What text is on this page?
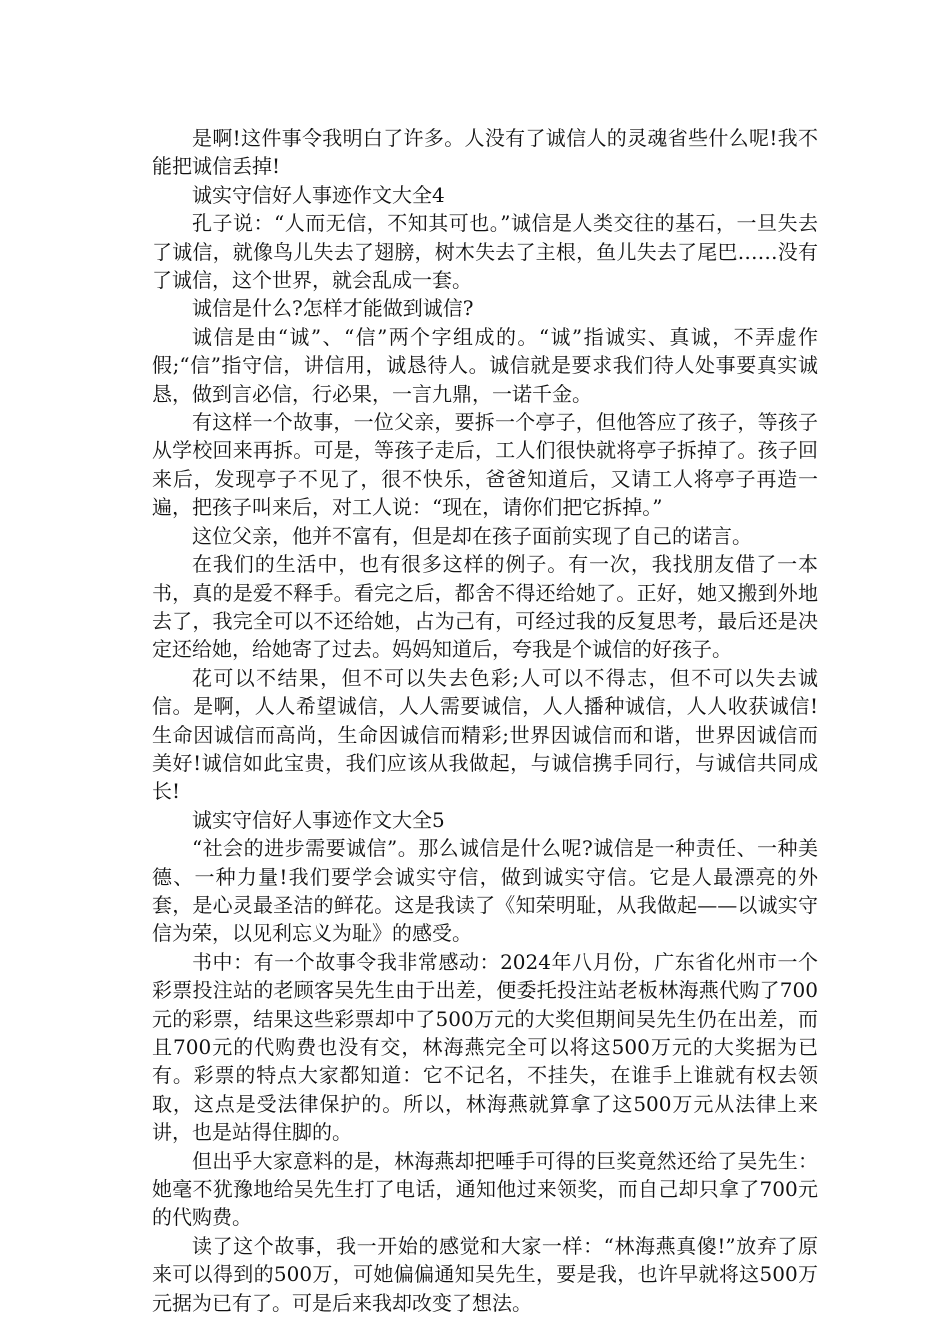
是啊!这件事令我明白了许多。人没有了诚信人的灵魂省些什么呢!我不能把诚信丢掉!

诚实守信好人事迹作文大全4

孔子说：“人而无信，不知其可也。”诚信是人类交往的基石，一旦失去了诚信，就像鸟儿失去了翅膀，树木失去了主根，鱼儿失去了尾巴……没有了诚信，这个世界，就会乱成一套。

诚信是什么?怎样才能做到诚信?

诚信是由“诚”、“信”两个字组成的。“诚”指诚实、真诚，不弄虚作假;“信”指守信，讲信用，诚恳待人。诚信就是要求我们待人处事要真实诚恳，做到言必信，行必果，一言九鼎，一诺千金。

有这样一个故事，一位父亲，要拆一个亭子，但他答应了孩子，等孩子从学校回来再拆。可是，等孩子走后，工人们很快就将亭子拆掉了。孩子回来后，发现亭子不见了，很不快乐，爸爸知道后，又请工人将亭子再造一遍，把孩子叫来后，对工人说：“现在，请你们把它拆掉。”

这位父亲，他并不富有，但是却在孩子面前实现了自己的诺言。

在我们的生活中，也有很多这样的例子。有一次，我找朋友借了一本书，真的是爱不释手。看完之后，都舍不得还给她了。正好，她又搬到外地去了，我完全可以不还给她，占为己有，可经过我的反复思考，最后还是决定还给她，给她寄了过去。妈妈知道后，夸我是个诚信的好孩子。

花可以不结果，但不可以失去色彩;人可以不得志，但不可以失去诚信。是啊，人人希望诚信，人人需要诚信，人人播种诚信，人人收获诚信!生命因诚信而高尚，生命因诚信而精彩;世界因诚信而和谐，世界因诚信而美好!诚信如此宝贵，我们应该从我做起，与诚信携手同行，与诚信共同成长!

诚实守信好人事迹作文大全5

“社会的进步需要诚信”。那么诚信是什么呢?诚信是一种责任、一种美德、一种力量!我们要学会诚实守信，做到诚实守信。它是人最漂亮的外套，是心灵最圣洁的鲜花。这是我读了《知荣明耻，从我做起——以诚实守信为荣，以见利忘义为耻》的感受。

书中：有一个故事令我非常感动：2024年八月份，广东省化州市一个彩票投注站的老顾客吴先生由于出差，便委托投注站老板林海燕代购了700元的彩票，结果这些彩票却中了500万元的大奖但期间吴先生仍在出差，而且700元的代购费也没有交，林海燕完全可以将这500万元的大奖据为已有。彩票的特点大家都知道：它不记名，不挂失，在谁手上谁就有权去领取，这点是受法律保护的。所以，林海燕就算拿了这500万元从法律上来讲，也是站得住脚的。

但出乎大家意料的是，林海燕却把唾手可得的巨奖竟然还给了吴先生：她毫不犹豫地给吴先生打了电话，通知他过来领奖，而自己却只拿了700元的代购费。

读了这个故事，我一开始的感觉和大家一样：“林海燕真傻!”放弃了原来可以得到的500万，可她偏偏通知吴先生，要是我，也许早就将这500万元据为已有了。可是后来我却改变了想法。
